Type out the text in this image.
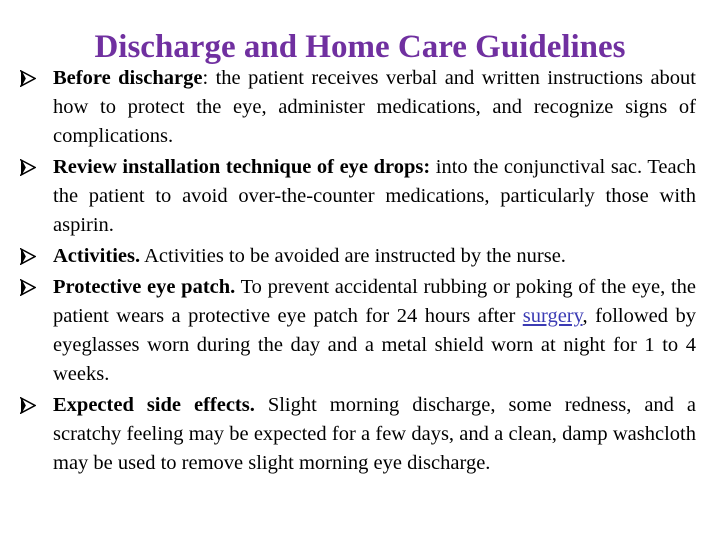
Discharge and Home Care Guidelines
Before discharge: the patient receives verbal and written instructions about how to protect the eye, administer medications, and recognize signs of complications.
Review installation technique of eye drops: into the conjunctival sac. Teach the patient to avoid over-the-counter medications, particularly those with aspirin.
Activities. Activities to be avoided are instructed by the nurse.
Protective eye patch. To prevent accidental rubbing or poking of the eye, the patient wears a protective eye patch for 24 hours after surgery, followed by eyeglasses worn during the day and a metal shield worn at night for 1 to 4 weeks.
Expected side effects. Slight morning discharge, some redness, and a scratchy feeling may be expected for a few days, and a clean, damp washcloth may be used to remove slight morning eye discharge.
